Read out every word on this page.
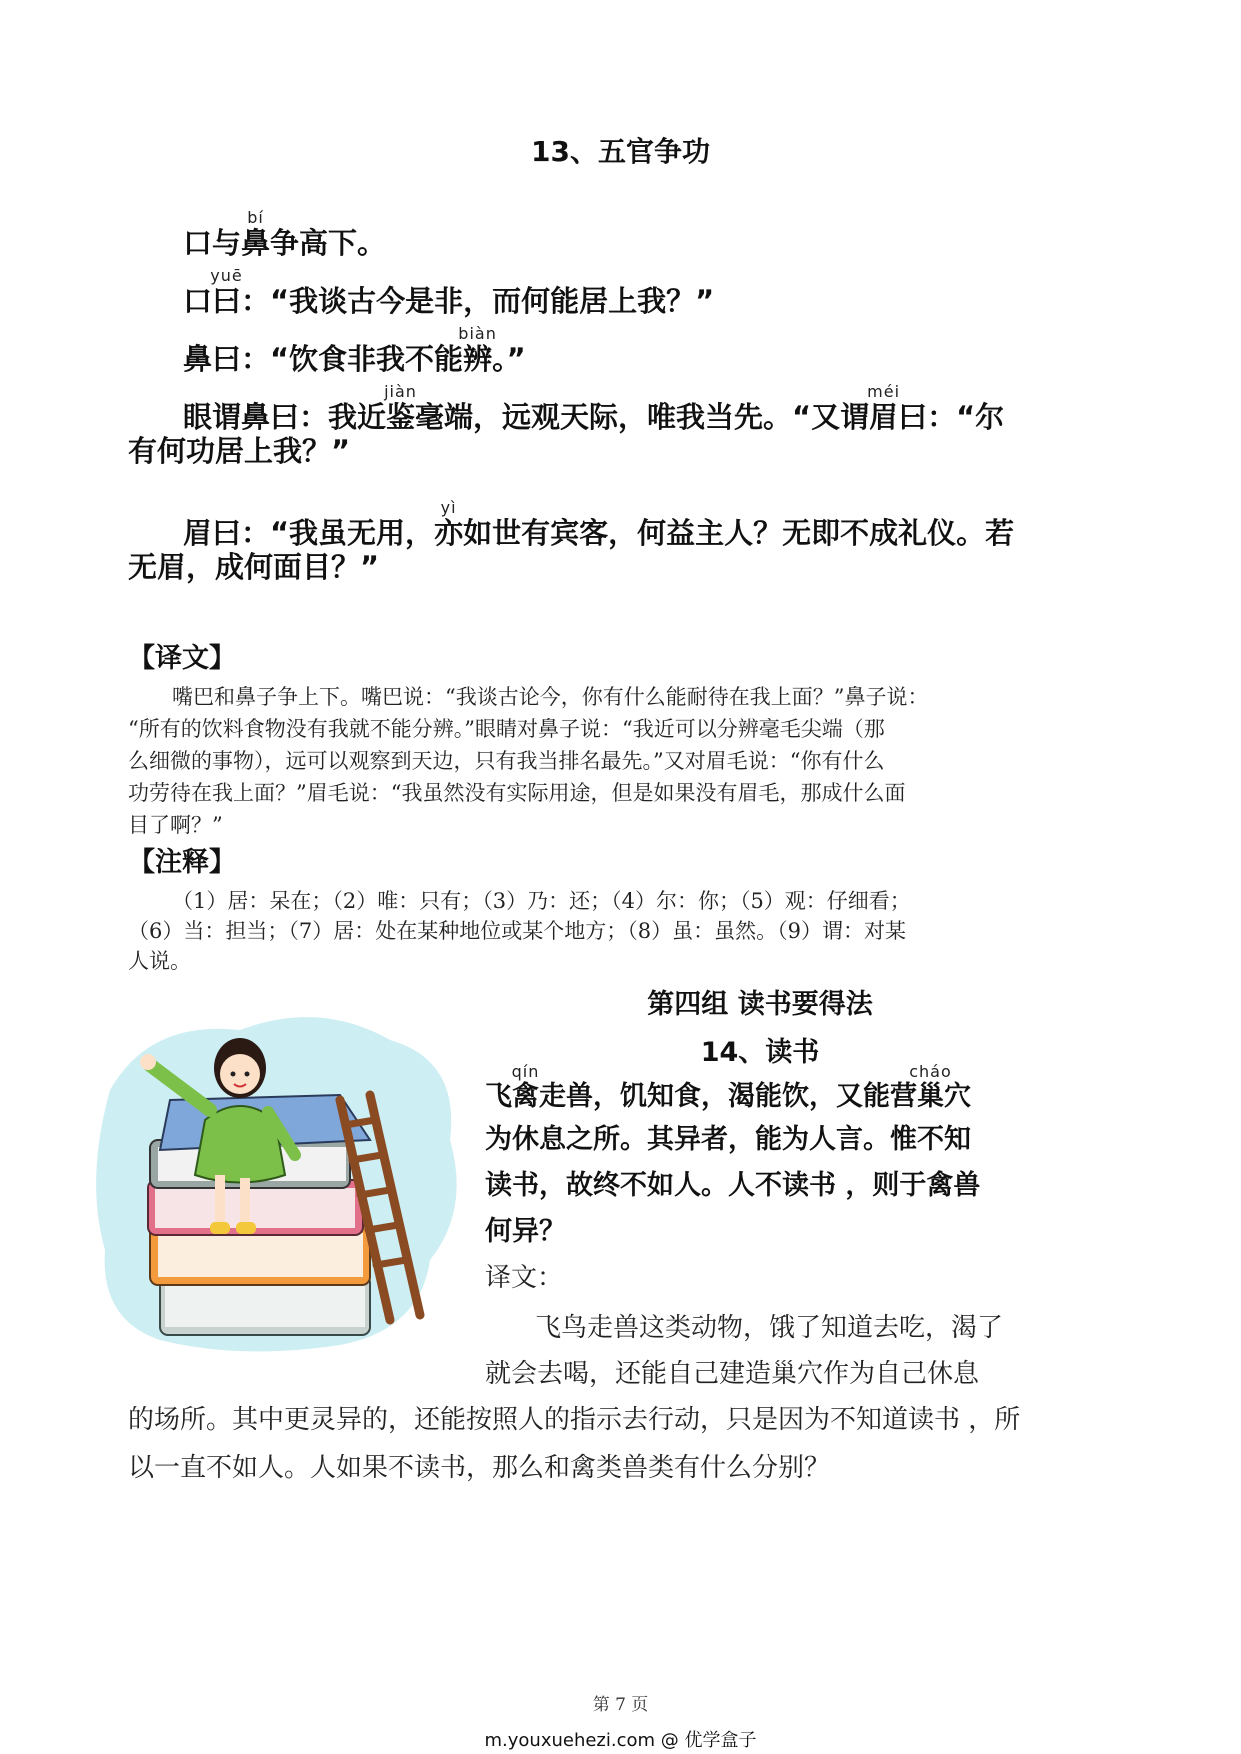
13、五官争功
口与鼻bí争高下。
口曰yuē：“我谈古今是非，而何能居上我？”
鼻曰：“饮食非我不能辨biàn。”
眼谓鼻曰：我近鉴jiàn毫端，远观天际，唯我当先。“又谓眉méi曰：“尔
有何功居上我？”
眉曰：“我虽无用，亦yì如世有宾客，何益主人？无即不成礼仪。若
无眉，成何面目？”
【译文】
嘴巴和鼻子争上下。嘴巴说：“我谈古论今，你有什么能耐待在我上面？”鼻子说：
“所有的饮料食物没有我就不能分辨。”眼睛对鼻子说：“我近可以分辨毫毛尖端（那
么细微的事物），远可以观察到天边，只有我当排名最先。”又对眉毛说：“你有什么
功劳待在我上面？”眉毛说：“我虽然没有实际用途，但是如果没有眉毛，那成什么面
目了啊？”
【注释】
（1）居：呆在；（2）唯：只有；（3）乃：还；（4）尔：你；（5）观：仔细看；
（6）当：担当；（7）居：处在某种地位或某个地方；（8）虽：虽然。（9）谓：对某
人说。
第四组 读书要得法
14、读书
飞禽qín走兽，饥知食，渴能饮，又能营巢cháo穴
为休息之所。其异者，能为人言。惟不知
读书，故终不如人。人不读书 ，则于禽兽
何异？
译文：
飞鸟走兽这类动物，饿了知道去吃，渴了
就会去喝，还能自己建造巢穴作为自己休息
的场所。其中更灵异的，还能按照人的指示去行动，只是因为不知道读书 ，所
以一直不如人。人如果不读书，那么和禽类兽类有什么分别？
第 7 页
m.youxuehezi.com @ 优学盒子
